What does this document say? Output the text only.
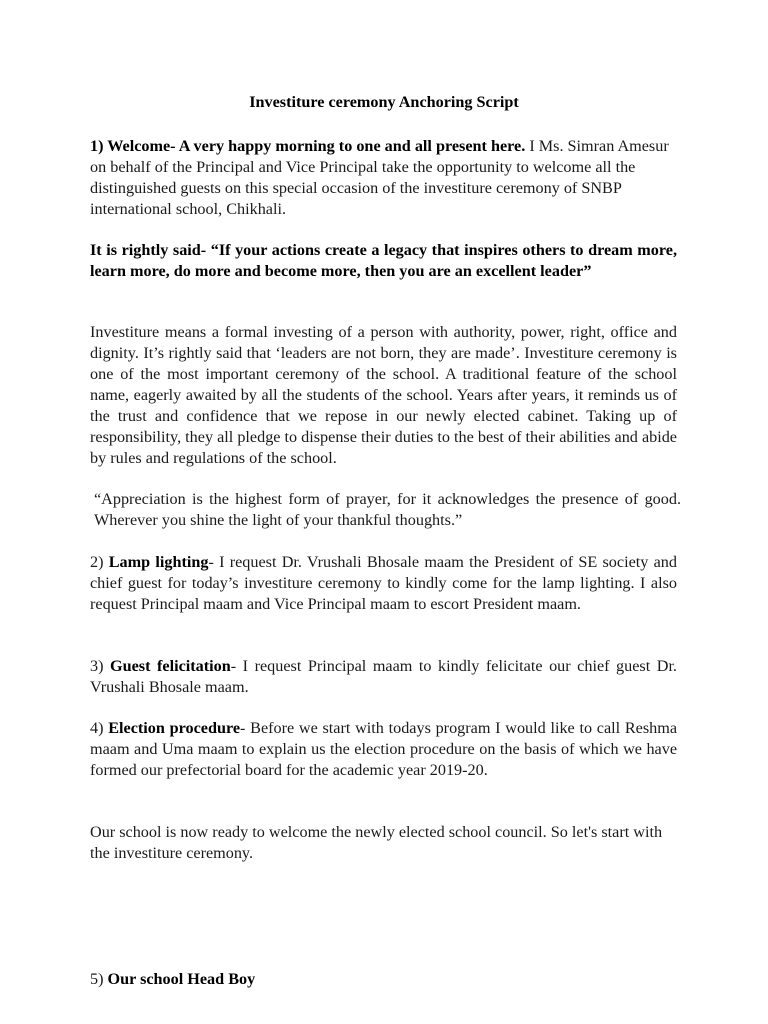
Investiture ceremony Anchoring Script

1) Welcome- A very happy morning to one and all present here. I Ms. Simran Amesur on behalf of the Principal and Vice Principal take the opportunity to welcome all the distinguished guests on this special occasion of the investiture ceremony of SNBP international school, Chikhali.

It is rightly said- “If your actions create a legacy that inspires others to dream more, learn more, do more and become more, then you are an excellent leader”

Investiture means a formal investing of a person with authority, power, right, office and dignity. It’s rightly said that ‘leaders are not born, they are made’. Investiture ceremony is one of the most important ceremony of the school. A traditional feature of the school name, eagerly awaited by all the students of the school. Years after years, it reminds us of the trust and confidence that we repose in our newly elected cabinet. Taking up of responsibility, they all pledge to dispense their duties to the best of their abilities and abide by rules and regulations of the school.

“Appreciation is the highest form of prayer, for it acknowledges the presence of good. Wherever you shine the light of your thankful thoughts.”

2) Lamp lighting- I request Dr. Vrushali Bhosale maam the President of SE society and chief guest for today’s investiture ceremony to kindly come for the lamp lighting. I also request Principal maam and Vice Principal maam to escort President maam.

3) Guest felicitation- I request Principal maam to kindly felicitate our chief guest Dr. Vrushali Bhosale maam.

4) Election procedure- Before we start with todays program I would like to call Reshma maam and Uma maam to explain us the election procedure on the basis of which we have formed our prefectorial board for the academic year 2019-20.

Our school is now ready to welcome the newly elected school council. So let's start with the investiture ceremony.

5) Our school Head Boy
